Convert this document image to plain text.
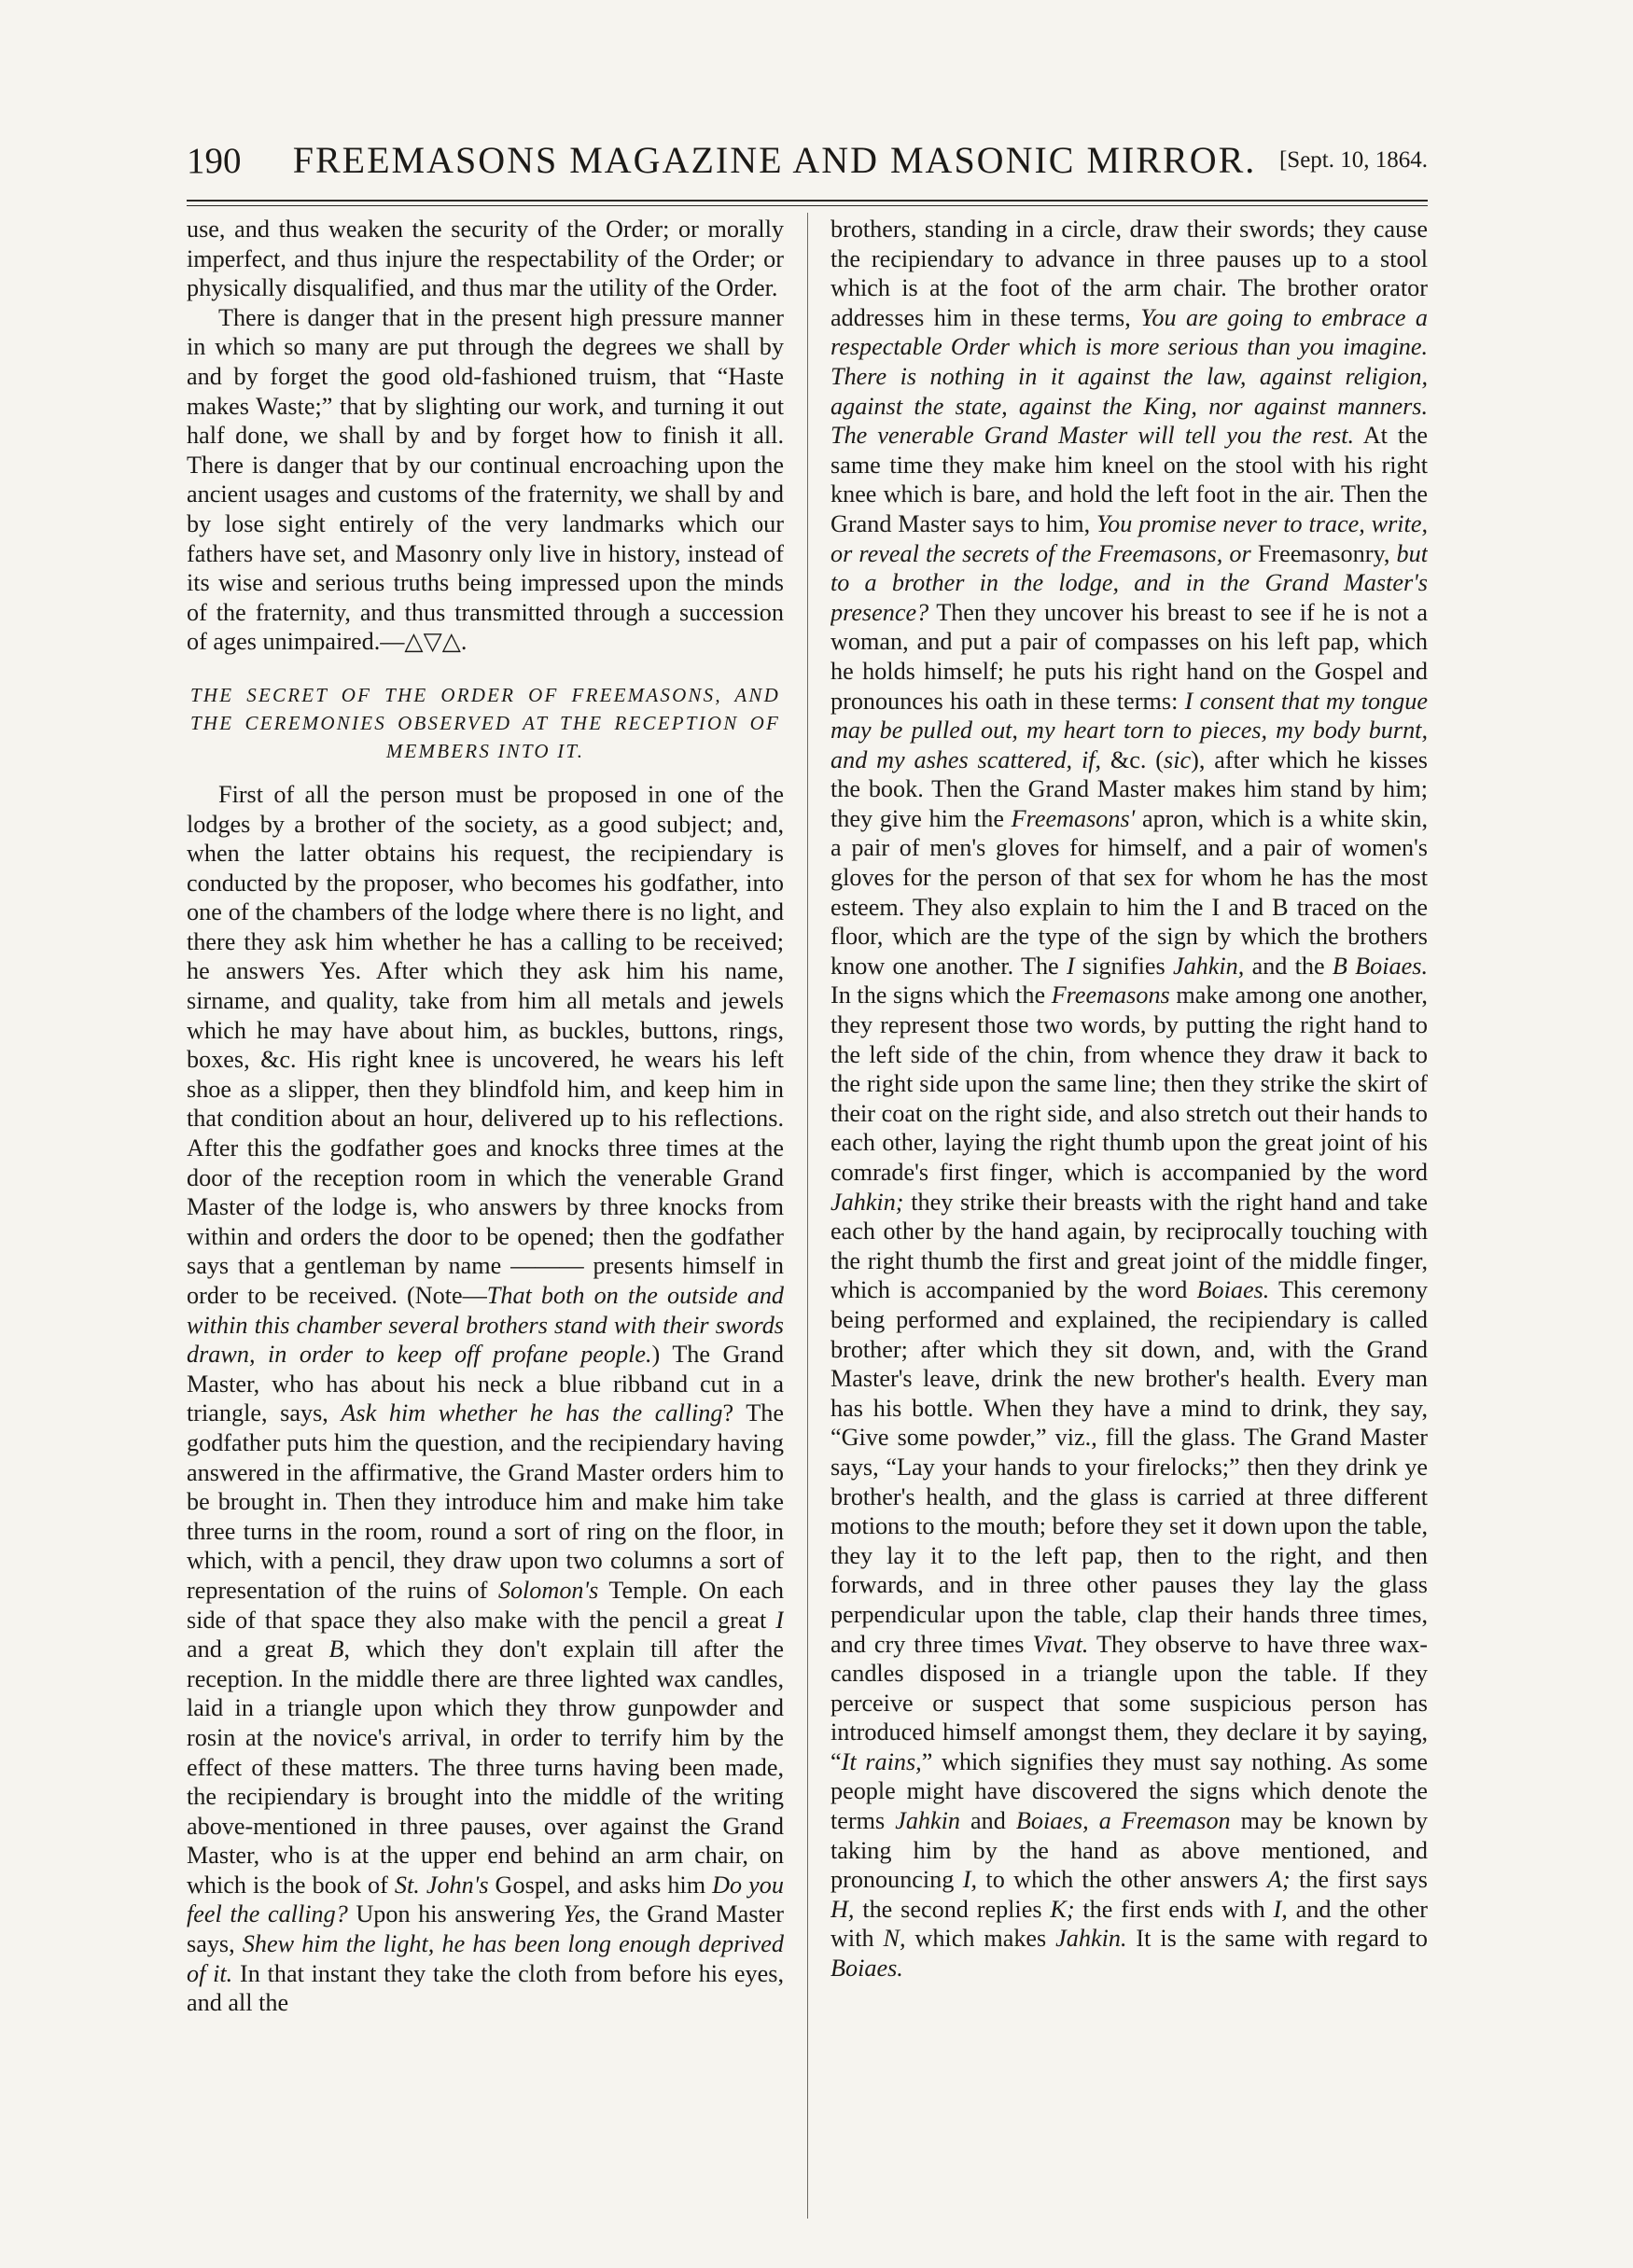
190	FREEMASONS MAGAZINE AND MASONIC MIRROR. [Sept. 10, 1864.

use, and thus weaken the security of the Order; or morally imperfect, and thus injure the respectability of the Order; or physically disqualified, and thus mar the utility of the Order.

There is danger that in the present high pressure manner in which so many are put through the degrees we shall by and by forget the good old-fashioned truism, that “Haste makes Waste;” that by slighting our work, and turning it out half done, we shall by and by forget how to finish it all. There is danger that by our continual encroaching upon the ancient usages and customs of the fraternity, we shall by and by lose sight entirely of the very landmarks which our fathers have set, and Masonry only live in history, instead of its wise and serious truths being impressed upon the minds of the fraternity, and thus transmitted through a succession of ages unimpaired.—△▽△.

THE SECRET OF THE ORDER OF FREEMASONS, AND THE CEREMONIES OBSERVED AT THE RECEPTION OF MEMBERS INTO IT.

First of all the person must be proposed in one of the lodges by a brother of the society, as a good subject; and, when the latter obtains his request, the recipiendary is conducted by the proposer, who becomes his godfather, into one of the chambers of the lodge where there is no light, and there they ask him whether he has a calling to be received; he answers Yes. After which they ask him his name, sirname, and quality, take from him all metals and jewels which he may have about him, as buckles, buttons, rings, boxes, &c. His right knee is uncovered, he wears his left shoe as a slipper, then they blindfold him, and keep him in that condition about an hour, delivered up to his reflections. After this the godfather goes and knocks three times at the door of the reception room in which the venerable Grand Master of the lodge is, who answers by three knocks from within and orders the door to be opened; then the godfather says that a gentleman by name ——— presents himself in order to be received. (Note—That both on the outside and within this chamber several brothers stand with their swords drawn, in order to keep off profane people.) The Grand Master, who has about his neck a blue ribband cut in a triangle, says, Ask him whether he has the calling? The godfather puts him the question, and the recipiendary having answered in the affirmative, the Grand Master orders him to be brought in. Then they introduce him and make him take three turns in the room, round a sort of ring on the floor, in which, with a pencil, they draw upon two columns a sort of representation of the ruins of Solomon's Temple. On each side of that space they also make with the pencil a great I and a great B, which they don't explain till after the reception. In the middle there are three lighted wax candles, laid in a triangle upon which they throw gunpowder and rosin at the novice's arrival, in order to terrify him by the effect of these matters. The three turns having been made, the recipiendary is brought into the middle of the writing above-mentioned in three pauses, over against the Grand Master, who is at the upper end behind an arm chair, on which is the book of St. John's Gospel, and asks him Do you feel the calling? Upon his answering Yes, the Grand Master says, Shew him the light, he has been long enough deprived of it. In that instant they take the cloth from before his eyes, and all the

brothers, standing in a circle, draw their swords; they cause the recipiendary to advance in three pauses up to a stool which is at the foot of the arm chair. The brother orator addresses him in these terms, You are going to embrace a respectable Order which is more serious than you imagine. There is nothing in it against the law, against religion, against the state, against the King, nor against manners. The venerable Grand Master will tell you the rest. At the same time they make him kneel on the stool with his right knee which is bare, and hold the left foot in the air. Then the Grand Master says to him, You promise never to trace, write, or reveal the secrets of the Freemasons, or Freemasonry, but to a brother in the lodge, and in the Grand Master's presence? Then they uncover his breast to see if he is not a woman, and put a pair of compasses on his left pap, which he holds himself; he puts his right hand on the Gospel and pronounces his oath in these terms: I consent that my tongue may be pulled out, my heart torn to pieces, my body burnt, and my ashes scattered, if, &c. (sic), after which he kisses the book. Then the Grand Master makes him stand by him; they give him the Freemasons' apron, which is a white skin, a pair of men's gloves for himself, and a pair of women's gloves for the person of that sex for whom he has the most esteem. They also explain to him the I and B traced on the floor, which are the type of the sign by which the brothers know one another. The I signifies Jahkin, and the B Boiaes. In the signs which the Freemasons make among one another, they represent those two words, by putting the right hand to the left side of the chin, from whence they draw it back to the right side upon the same line; then they strike the skirt of their coat on the right side, and also stretch out their hands to each other, laying the right thumb upon the great joint of his comrade's first finger, which is accompanied by the word Jahkin; they strike their breasts with the right hand and take each other by the hand again, by reciprocally touching with the right thumb the first and great joint of the middle finger, which is accompanied by the word Boiaes. This ceremony being performed and explained, the recipiendary is called brother; after which they sit down, and, with the Grand Master's leave, drink the new brother's health. Every man has his bottle. When they have a mind to drink, they say, “Give some powder,” viz., fill the glass. The Grand Master says, “Lay your hands to your firelocks;” then they drink ye brother's health, and the glass is carried at three different motions to the mouth; before they set it down upon the table, they lay it to the left pap, then to the right, and then forwards, and in three other pauses they lay the glass perpendicular upon the table, clap their hands three times, and cry three times Vivat. They observe to have three wax-candles disposed in a triangle upon the table. If they perceive or suspect that some suspicious person has introduced himself amongst them, they declare it by saying, “It rains,” which signifies they must say nothing. As some people might have discovered the signs which denote the terms Jahkin and Boiaes, a Freemason may be known by taking him by the hand as above mentioned, and pronouncing I, to which the other answers A; the first says H, the second replies K; the first ends with I, and the other with N, which makes Jahkin. It is the same with regard to Boiaes.
